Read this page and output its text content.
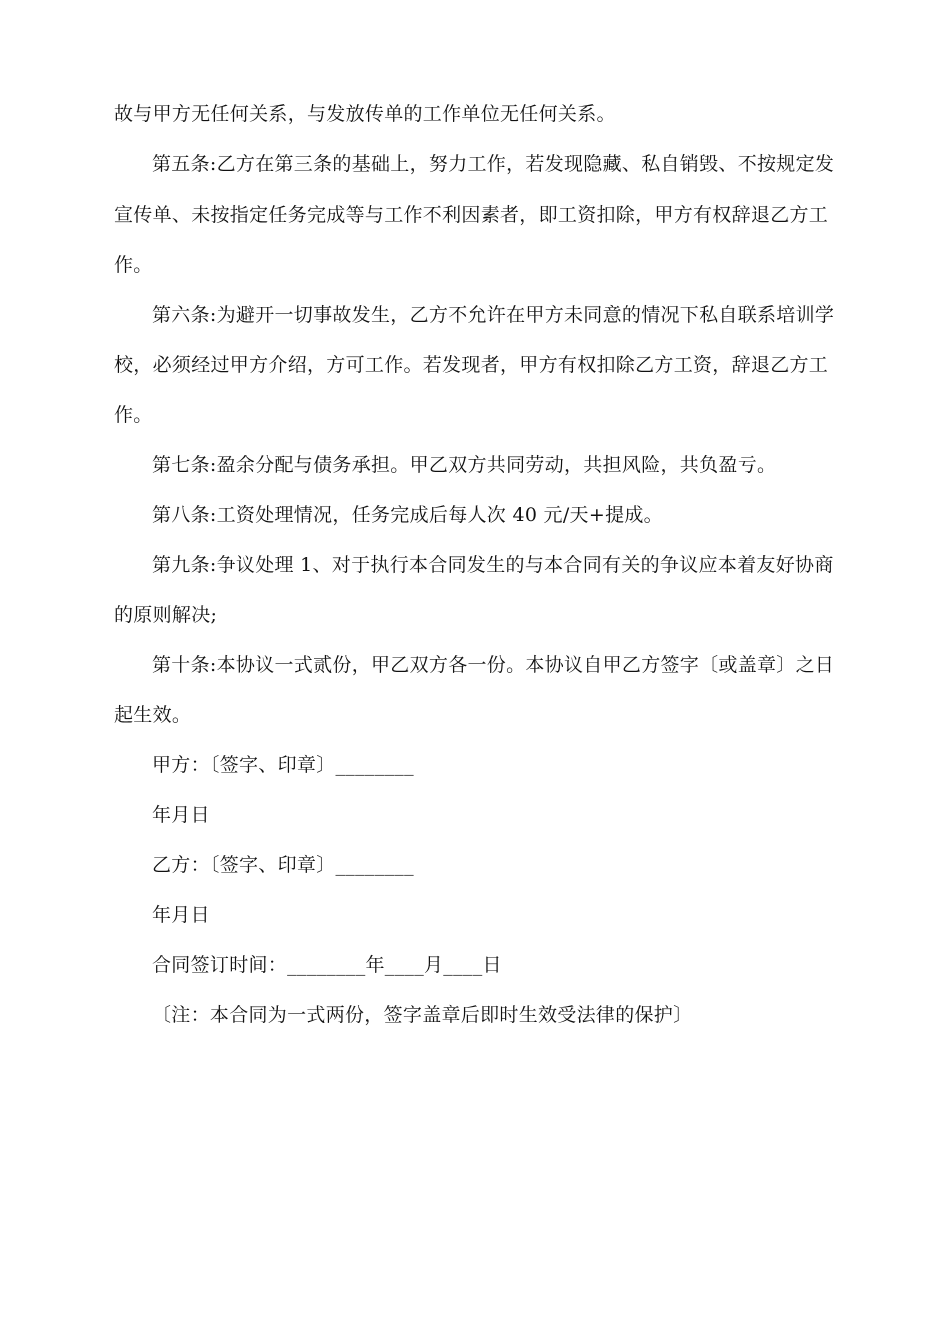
故与甲方无任何关系，与发放传单的工作单位无任何关系。
第五条:乙方在第三条的基础上，努力工作，若发现隐藏、私自销毁、不按规定发
宣传单、未按指定任务完成等与工作不利因素者，即工资扣除，甲方有权辞退乙方工
作。
第六条:为避开一切事故发生，乙方不允许在甲方未同意的情况下私自联系培训学
校，必须经过甲方介绍，方可工作。若发现者，甲方有权扣除乙方工资，辞退乙方工
作。
第七条:盈余分配与债务承担。甲乙双方共同劳动，共担风险，共负盈亏。
第八条:工资处理情况，任务完成后每人次 40 元/天+提成。
第九条:争议处理 1、对于执行本合同发生的与本合同有关的争议应本着友好协商
的原则解决;
第十条:本协议一式贰份，甲乙双方各一份。本协议自甲乙方签字〔或盖章〕之日
起生效。
甲方：〔签字、印章〕________
年月日
乙方：〔签字、印章〕________
年月日
合同签订时间：________年____月____日
〔注：本合同为一式两份，签字盖章后即时生效受法律的保护〕
